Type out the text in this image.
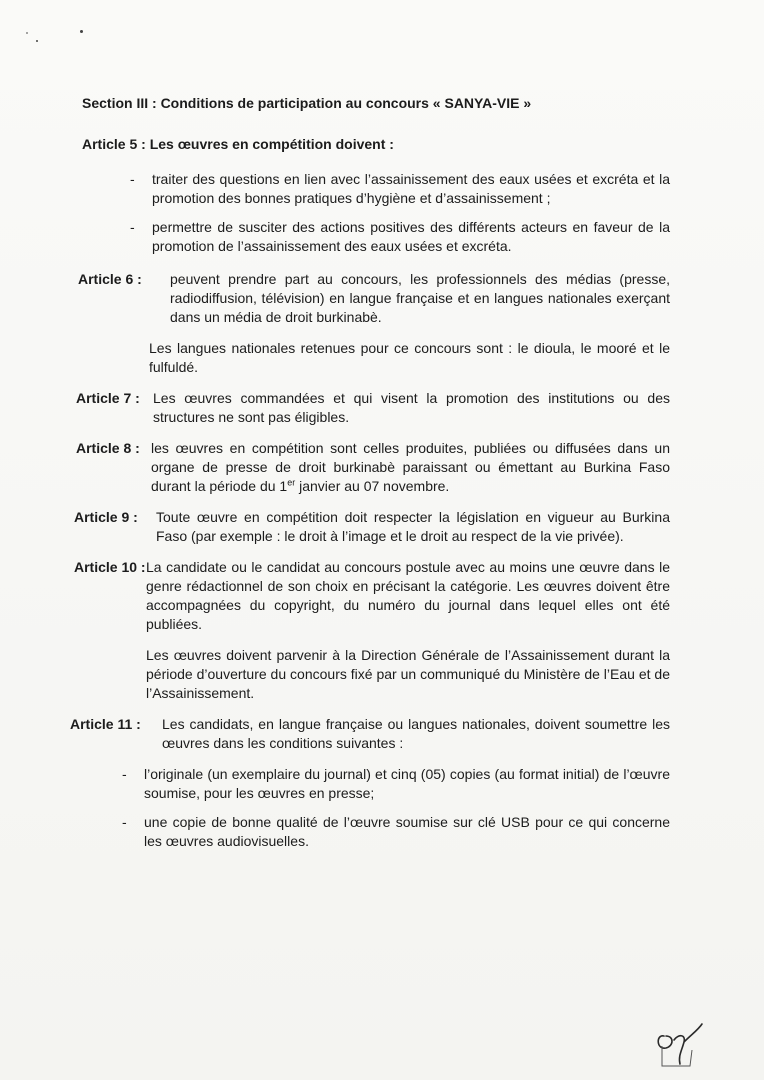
Section III : Conditions de participation au concours « SANYA-VIE »
Article 5 : Les œuvres en compétition doivent :
- traiter des questions en lien avec l’assainissement des eaux usées et excréta et la promotion des bonnes pratiques d’hygiène et d’assainissement ;
- permettre de susciter des actions positives des différents acteurs en faveur de la promotion de l’assainissement des eaux usées et excréta.
Article 6 :	peuvent prendre part au concours, les professionnels des médias (presse, radiodiffusion, télévision) en langue française et en langues nationales exerçant dans un média de droit burkinabè.
Les langues nationales retenues pour ce concours sont : le dioula, le mooré et le fulfuldé.
Article 7 : Les œuvres commandées et qui visent la promotion des institutions ou des structures ne sont pas éligibles.
Article 8 : les œuvres en compétition sont celles produites, publiées ou diffusées dans un organe de presse de droit burkinabè paraissant ou émettant au Burkina Faso durant la période du 1er janvier au 07 novembre.
Article 9 :	Toute œuvre en compétition doit respecter la législation en vigueur au Burkina Faso (par exemple : le droit à l’image et le droit au respect de la vie privée).
Article 10 : La candidate ou le candidat au concours postule avec au moins une œuvre dans le genre rédactionnel de son choix en précisant la catégorie. Les œuvres doivent être accompagnées du copyright, du numéro du journal dans lequel elles ont été publiées.
Les œuvres doivent parvenir à la Direction Générale de l’Assainissement durant la période d’ouverture du concours fixé par un communiqué du Ministère de l’Eau et de l’Assainissement.
Article 11 :	Les candidats, en langue française ou langues nationales, doivent soumettre les œuvres dans les conditions suivantes :
- l’originale (un exemplaire du journal) et cinq (05) copies (au format initial) de l’œuvre soumise, pour les œuvres en presse;
- une copie de bonne qualité de l’œuvre soumise sur clé USB pour ce qui concerne les œuvres audiovisuelles.
